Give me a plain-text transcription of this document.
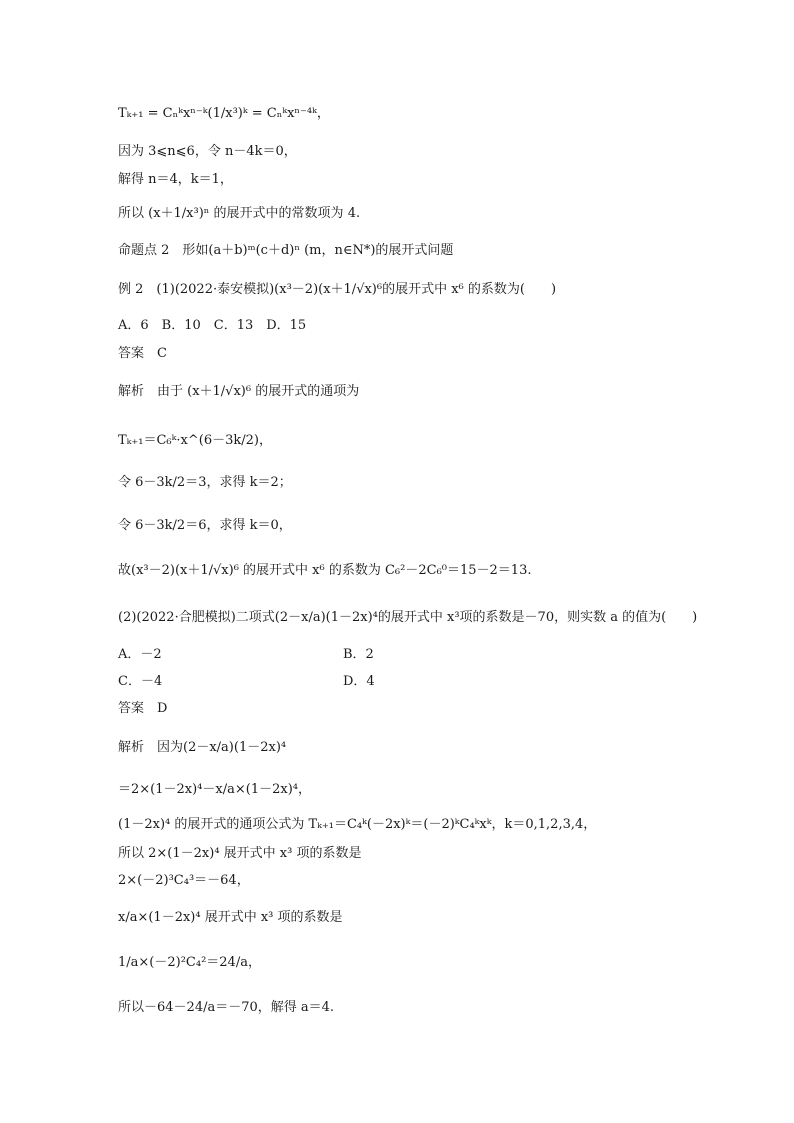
Tₖ₊₁ = Cₙᵏxⁿ⁻ᵏ(1/x³)ᵏ = Cₙᵏxⁿ⁻⁴ᵏ，
因为 3⩽n⩽6，令 n－4k＝0，
解得 n＝4，k＝1，
所以 (x＋1/x³)ⁿ 的展开式中的常数项为 4.
命题点 2　形如(a＋b)ᵐ(c＋d)ⁿ (m，n∈N*)的展开式问题
例 2　(1)(2022·泰安模拟)(x³－2)(x＋1/√x)⁶的展开式中 x⁶ 的系数为(　　)
A．6　B．10　C．13　D．15
答案　C
解析　由于 (x＋1/√x)⁶ 的展开式的通项为
Tₖ₊₁＝C₆ᵏ·x^(6－3k/2)，
令 6－3k/2＝3，求得 k＝2；
令 6－3k/2＝6，求得 k＝0，
故(x³－2)(x＋1/√x)⁶ 的展开式中 x⁶ 的系数为 C₆²－2C₆⁰＝15－2＝13.
(2)(2022·合肥模拟)二项式(2－x/a)(1－2x)⁴的展开式中 x³项的系数是－70，则实数 a 的值为(　　)
A．－2	B．2
C．－4	D．4
答案　D
解析　因为(2－x/a)(1－2x)⁴
＝2×(1－2x)⁴－x/a×(1－2x)⁴，
(1－2x)⁴ 的展开式的通项公式为 Tₖ₊₁＝C₄ᵏ(－2x)ᵏ＝(－2)ᵏC₄ᵏxᵏ，k＝0,1,2,3,4，
所以 2×(1－2x)⁴ 展开式中 x³ 项的系数是
2×(－2)³C₄³＝－64，
x/a×(1－2x)⁴ 展开式中 x³ 项的系数是
1/a×(－2)²C₄²＝24/a，
所以－64－24/a＝－70，解得 a＝4.
